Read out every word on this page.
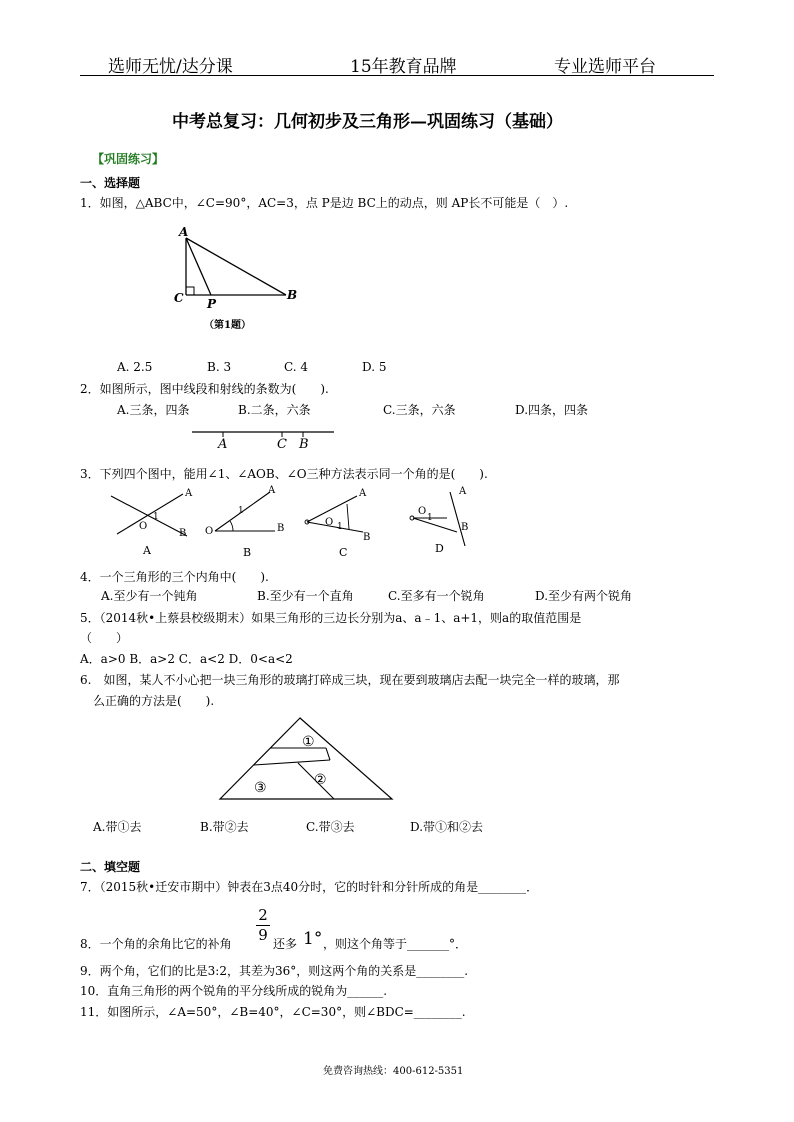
选师无忧/达分课	15年教育品牌	专业选师平台
中考总复习：几何初步及三角形—巩固练习（基础）
【巩固练习】
一、选择题
1．如图，△ABC中，∠C=90°，AC=3，点 P是边 BC上的动点，则 AP长不可能是（　）.
A
C P
B
（第1题）
A. 2.5	B. 3	C. 4	D. 5
2．如图所示，图中线段和射线的条数为(　　).
A.三条，四条	B.二条，六条	C.三条，六条	D.四条，四条
A	C B
3．下列四个图中，能用∠1、∠AOB、∠O三种方法表示同一个角的是(　　).
A
O
1
B O
1
A
B
O 1
A
B
O
1
A
B
A	B	C	D
4．一个三角形的三个内角中(　　).
A.至少有一个钝角	B.至少有一个直角	C.至多有一个锐角	D.至少有两个锐角
5．（2014秋•上蔡县校级期末）如果三角形的三边长分别为a、a﹣1、a+1，则a的取值范围是
（　　）
A．a>0 B．a>2 C．a<2 D．0<a<2
6.　如图，某人不小心把一块三角形的玻璃打碎成三块，现在要到玻璃店去配一块完全一样的玻璃，那
么正确的方法是(　　).
①
②
③
A.带①去	B.带②去	C.带③去	D.带①和②去
二、填空题
7．（2015秋•迁安市期中）钟表在3点40分时，它的时针和分针所成的角是________．
8．一个角的余角比它的补角
2
9 还多 1° ，则这个角等于_______°．
9．两个角，它们的比是3:2，其差为36°，则这两个角的关系是________.
10．直角三角形的两个锐角的平分线所成的锐角为______.
11．如图所示，∠A=50°，∠B=40°，∠C=30°，则∠BDC=________.
免费咨询热线：400-612-5351
